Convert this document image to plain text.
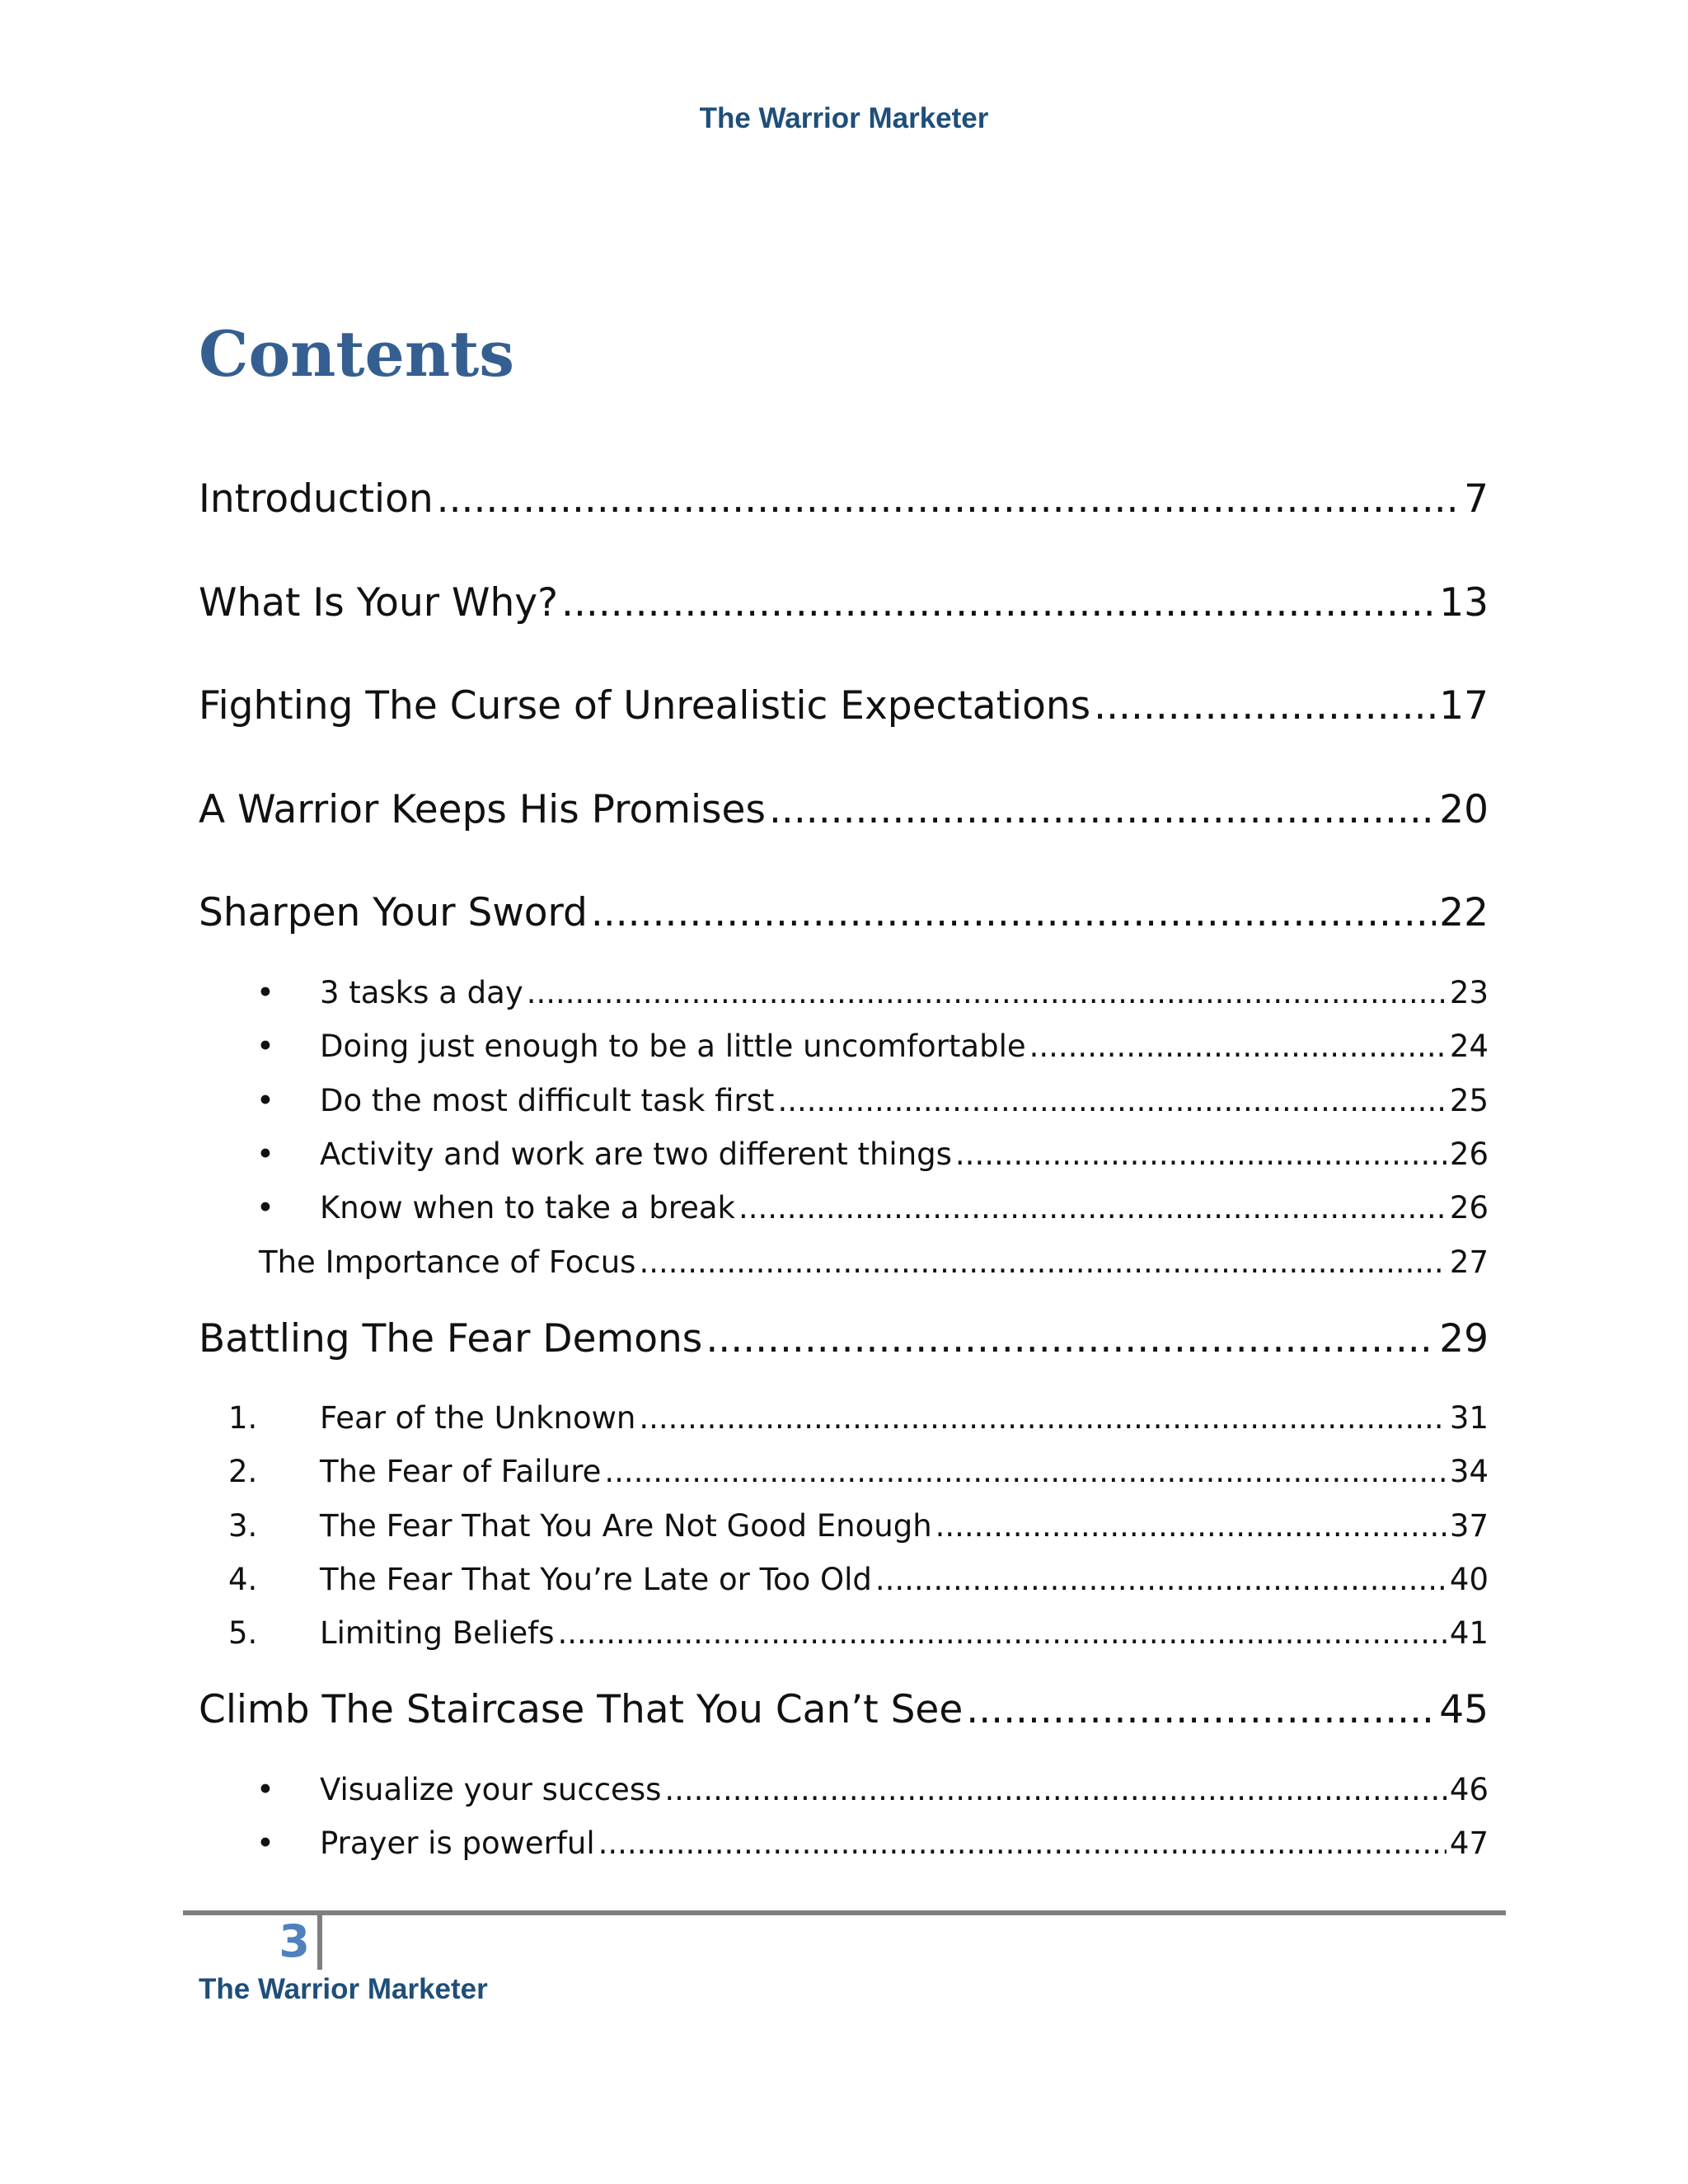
The Warrior Marketer
Contents
Introduction .....	7
What Is Your Why? .....	13
Fighting The Curse of Unrealistic Expectations .....	17
A Warrior Keeps His Promises .....	20
Sharpen Your Sword .....	22
•	3 tasks a day .....	23
•	Doing just enough to be a little uncomfortable .....	24
•	Do the most difficult task first .....	25
•	Activity and work are two different things .....	26
•	Know when to take a break .....	26
The Importance of Focus .....	27
Battling The Fear Demons .....	29
1.	Fear of the Unknown .....	31
2.	The Fear of Failure .....	34
3.	The Fear That You Are Not Good Enough .....	37
4.	The Fear That You’re Late or Too Old .....	40
5.	Limiting Beliefs .....	41
Climb The Staircase That You Can’t See .....	45
•	Visualize your success .....	46
•	Prayer is powerful .....	47
3
The Warrior Marketer
